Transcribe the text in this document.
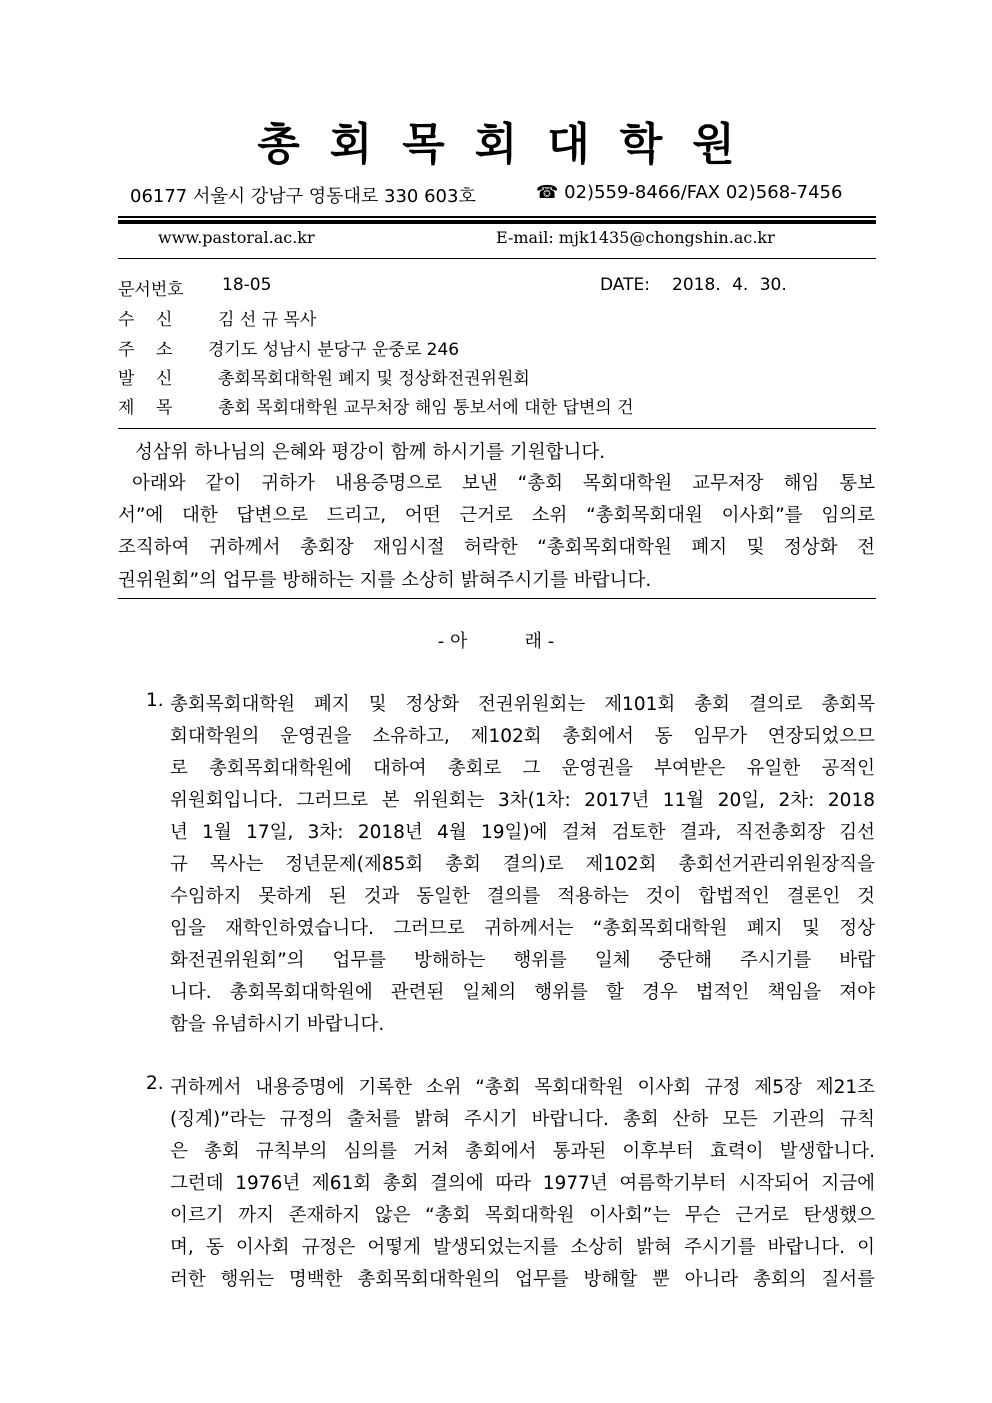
총회목회대학원
06177 서울시 강남구 영동대로 330 603호	☎ 02)559-8466/FAX 02)568-7456
www.pastoral.ac.kr	E-mail: mjk1435@chongshin.ac.kr
문서번호 18-05	DATE: 2018. 4. 30.
수    신	김 선 규 목사
주    소 경기도 성남시 분당구 운중로 246
발    신	총회목회대학원 폐지 및 정상화전권위원회
제    목	총회 목회대학원 교무처장 해임 통보서에 대한 답변의 건
성삼위 하나님의 은혜와 평강이 함께 하시기를 기원합니다.
아래와 같이 귀하가 내용증명으로 보낸 “총회 목회대학원 교무저장 해임 통보
서”에 대한 답변으로 드리고, 어떤 근거로 소위 “총회목회대원 이사회”를 임의로
조직하여 귀하께서 총회장 재임시절 허락한 “총회목회대학원 폐지 및 정상화 전
권위원회”의 업무를 방해하는 지를 소상히 밝혀주시기를 바랍니다.
- 아          래 -
1. 총회목회대학원 폐지 및 정상화 전권위원회는 제101회 총회 결의로 총회목
회대학원의 운영권을 소유하고, 제102회 총회에서 동 임무가 연장되었으므
로 총회목회대학원에 대하여 총회로 그 운영권을 부여받은 유일한 공적인
위원회입니다. 그러므로 본 위원회는 3차(1차: 2017년 11월 20일, 2차: 2018
년 1월 17일, 3차: 2018년 4월 19일)에 걸쳐 검토한 결과, 직전총회장 김선
규 목사는 정년문제(제85회 총회 결의)로 제102회 총회선거관리위원장직을
수임하지 못하게 된 것과 동일한 결의를 적용하는 것이 합법적인 결론인 것
임을 재학인하였습니다. 그러므로 귀하께서는 “총회목회대학원 폐지 및 정상
화전권위원회”의 업무를 방해하는 행위를 일체 중단해 주시기를 바랍
니다. 총회목회대학원에 관련된 일체의 행위를 할 경우 법적인 책임을 져야
함을 유념하시기 바랍니다.
2. 귀하께서 내용증명에 기록한 소위 “총회 목회대학원 이사회 규정 제5장 제21조
(징계)”라는 규정의 출처를 밝혀 주시기 바랍니다. 총회 산하 모든 기관의 규칙
은 총회 규칙부의 심의를 거쳐 총회에서 통과된 이후부터 효력이 발생합니다.
그런데 1976년 제61회 총회 결의에 따라 1977년 여름학기부터 시작되어 지금에
이르기 까지 존재하지 않은 “총회 목회대학원 이사회”는 무슨 근거로 탄생했으
며, 동 이사회 규정은 어떻게 발생되었는지를 소상히 밝혀 주시기를 바랍니다. 이
러한 행위는 명백한 총회목회대학원의 업무를 방해할 뿐 아니라 총회의 질서를
